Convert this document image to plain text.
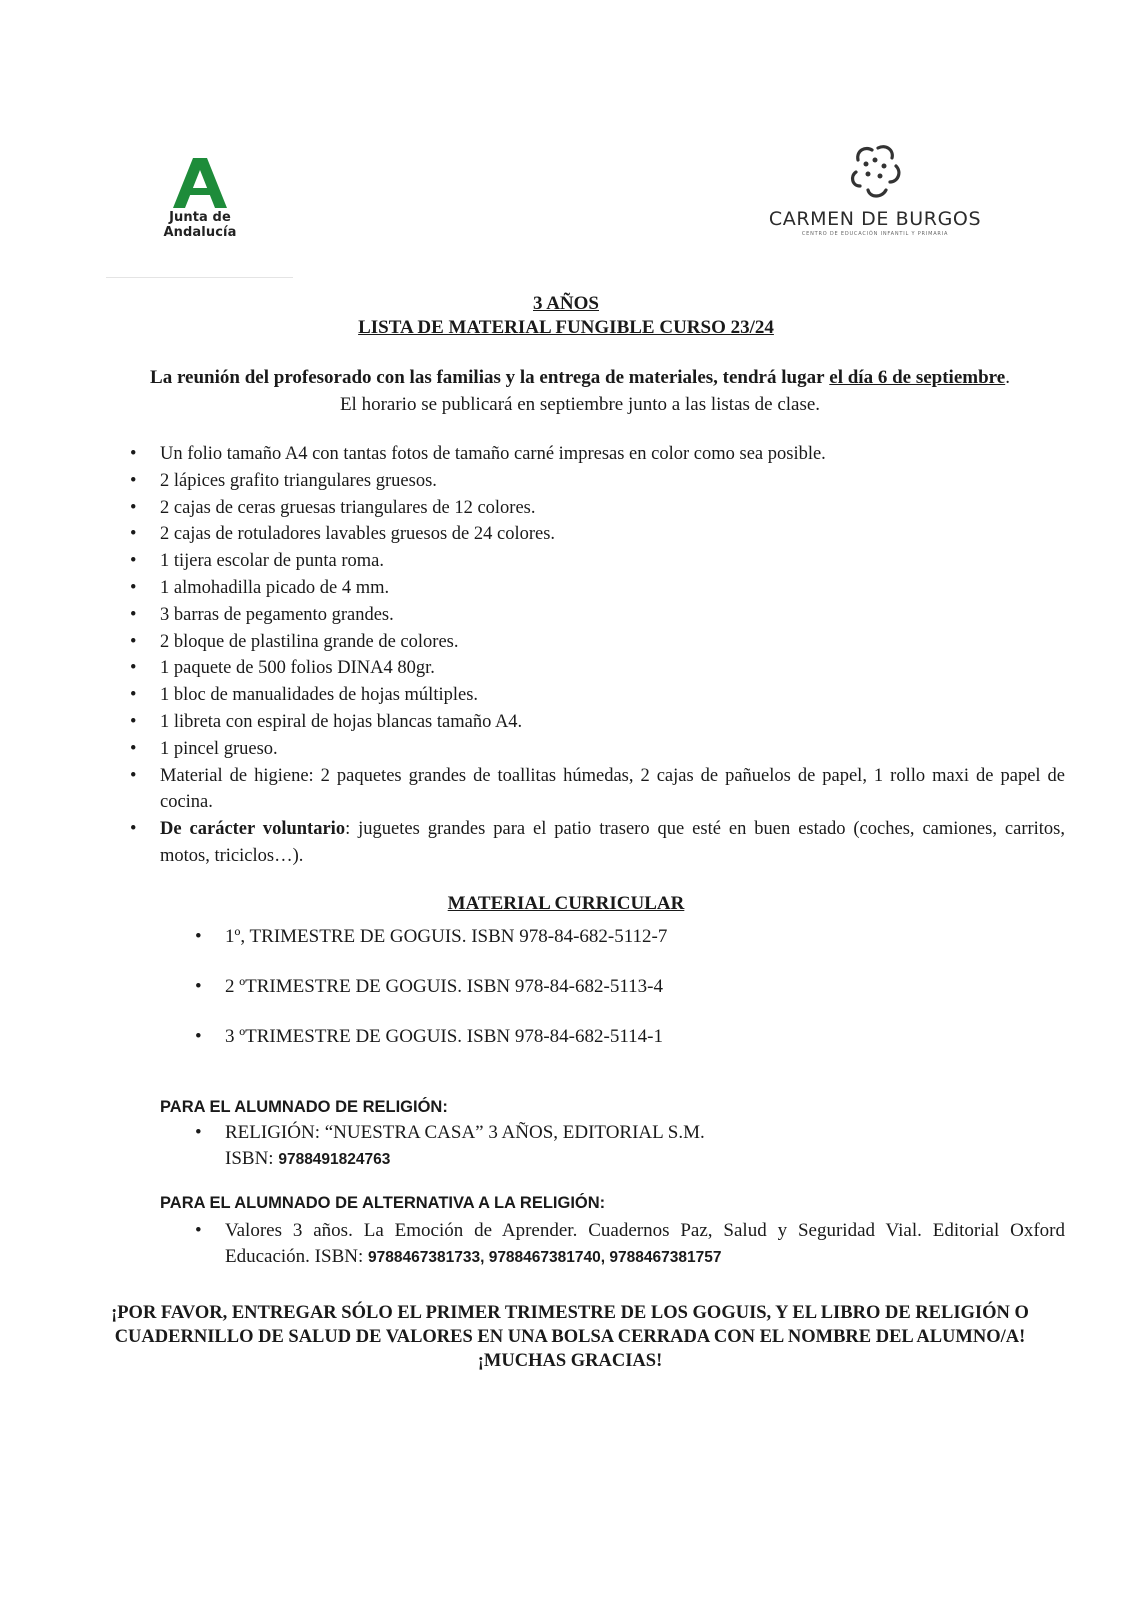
Junta de Andalucía
CARMEN DE BURGOS
CENTRO DE EDUCACIÓN INFANTIL Y PRIMARIA
3 AÑOS
LISTA DE MATERIAL FUNGIBLE CURSO 23/24
La reunión del profesorado con las familias y la entrega de materiales, tendrá lugar el día 6 de septiembre. El horario se publicará en septiembre junto a las listas de clase.
• Un folio tamaño A4 con tantas fotos de tamaño carné impresas en color como sea posible.
• 2 lápices grafito triangulares gruesos.
• 2 cajas de ceras gruesas triangulares de 12 colores.
• 2 cajas de rotuladores lavables gruesos de 24 colores.
• 1 tijera escolar de punta roma.
• 1 almohadilla picado de 4 mm.
• 3 barras de pegamento grandes.
• 2 bloque de plastilina grande de colores.
• 1 paquete de 500 folios DINA4 80gr.
• 1 bloc de manualidades de hojas múltiples.
• 1 libreta con espiral de hojas blancas tamaño A4.
• 1 pincel grueso.
• Material de higiene: 2 paquetes grandes de toallitas húmedas, 2 cajas de pañuelos de papel, 1 rollo maxi de papel de cocina.
• De carácter voluntario: juguetes grandes para el patio trasero que esté en buen estado (coches, camiones, carritos, motos, triciclos…).
MATERIAL CURRICULAR
• 1º, TRIMESTRE DE GOGUIS. ISBN 978-84-682-5112-7
• 2 ºTRIMESTRE DE GOGUIS. ISBN 978-84-682-5113-4
• 3 ºTRIMESTRE DE GOGUIS. ISBN 978-84-682-5114-1
PARA EL ALUMNADO DE RELIGIÓN:
• RELIGIÓN: “NUESTRA CASA” 3 AÑOS, EDITORIAL S.M.
ISBN: 9788491824763
PARA EL ALUMNADO DE ALTERNATIVA A LA RELIGIÓN:
• Valores 3 años. La Emoción de Aprender. Cuadernos Paz, Salud y Seguridad Vial. Editorial Oxford Educación. ISBN: 9788467381733, 9788467381740, 9788467381757
¡POR FAVOR, ENTREGAR SÓLO EL PRIMER TRIMESTRE DE LOS GOGUIS, Y EL LIBRO DE RELIGIÓN O CUADERNILLO DE SALUD DE VALORES EN UNA BOLSA CERRADA CON EL NOMBRE DEL ALUMNO/A! ¡MUCHAS GRACIAS!
